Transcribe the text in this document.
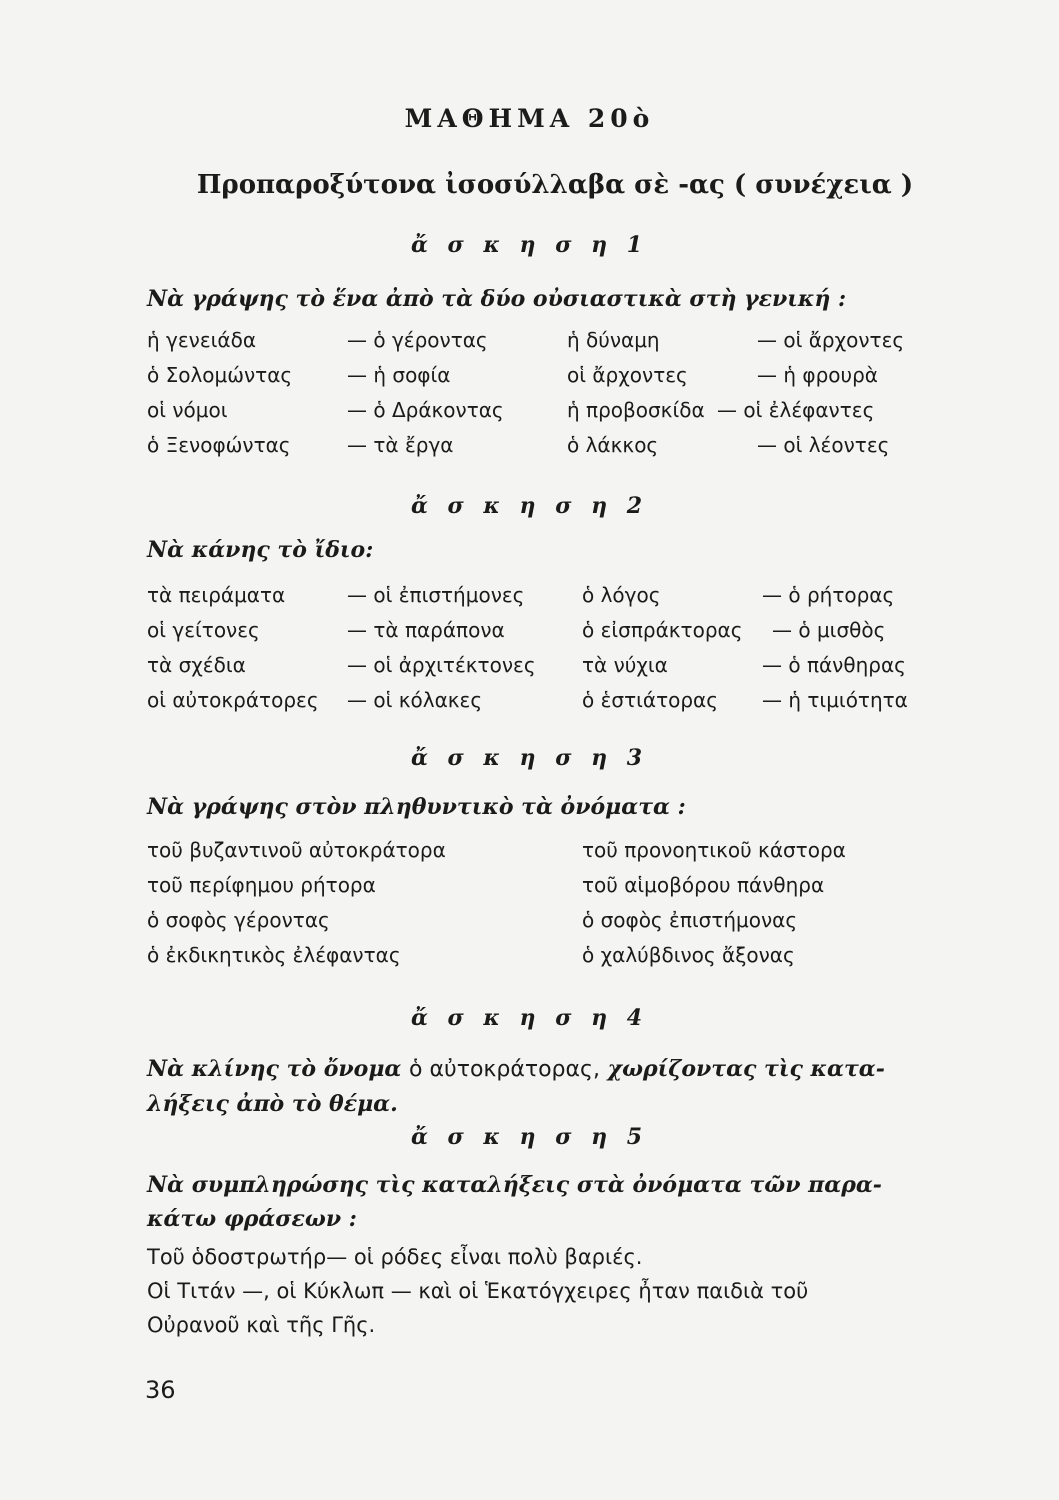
ΜΑΘΗΜΑ 20ὸ
Προπαροξύτονα ἰσοσύλλαβα σὲ -ας ( συνέχεια )
ἄ σ κ η σ η 1
Νὰ γράψης τὸ ἕνα ἀπὸ τὰ δύο οὐσιαστικὰ στὴ γενική :
ἡ γενειάδα	— ὁ γέροντας	ἡ δύναμη	— οἱ ἄρχοντες
ὁ Σολομώντας	— ἡ σοφία	οἱ ἄρχοντες	— ἡ φρουρὰ
οἱ νόμοι	— ὁ Δράκοντας	ἡ προβοσκίδα — οἱ ἐλέφαντες
ὁ Ξενοφώντας	— τὰ ἔργα	ὁ λάκκος	— οἱ λέοντες
ἄ σ κ η σ η 2
Νὰ κάνης τὸ ἴδιο:
τὰ πειράματα	— οἱ ἐπιστήμονες	ὁ λόγος	— ὁ ρήτορας
οἱ γείτονες	— τὰ παράπονα	ὁ εἰσπράκτορας — ὁ μισθὸς
τὰ σχέδια	— οἱ ἀρχιτέκτονες τὰ νύχια	— ὁ πάνθηρας
οἱ αὐτοκράτορες — οἱ κόλακες	ὁ ἑστιάτορας — ἡ τιμιότητα
ἄ σ κ η σ η 3
Νὰ γράψης στὸν πληθυντικὸ τὰ ὀνόματα :
τοῦ βυζαντινοῦ αὐτοκράτορα	τοῦ προνοητικοῦ κάστορα
τοῦ περίφημου ρήτορα	τοῦ αἱμοβόρου πάνθηρα
ὁ σοφὸς γέροντας	ὁ σοφὸς ἐπιστήμονας
ὁ ἐκδικητικὸς ἐλέφαντας	ὁ χαλύβδινος ἄξονας
ἄ σ κ η σ η 4
Νὰ κλίνης τὸ ὄνομα ὁ αὐτοκράτορας, χωρίζοντας τὶς κατα-
λήξεις ἀπὸ τὸ θέμα.
ἄ σ κ η σ η 5
Νὰ συμπληρώσης τὶς καταλήξεις στὰ ὀνόματα τῶν παρα-
κάτω φράσεων :
Τοῦ ὁδοστρωτήρ— οἱ ρόδες εἶναι πολὺ βαριές.
Οἱ Τιτάν —, οἱ Κύκλωπ — καὶ οἱ Ἑκατόγχειρες ἦταν παιδιὰ τοῦ
Οὐρανοῦ καὶ τῆς Γῆς.
36
